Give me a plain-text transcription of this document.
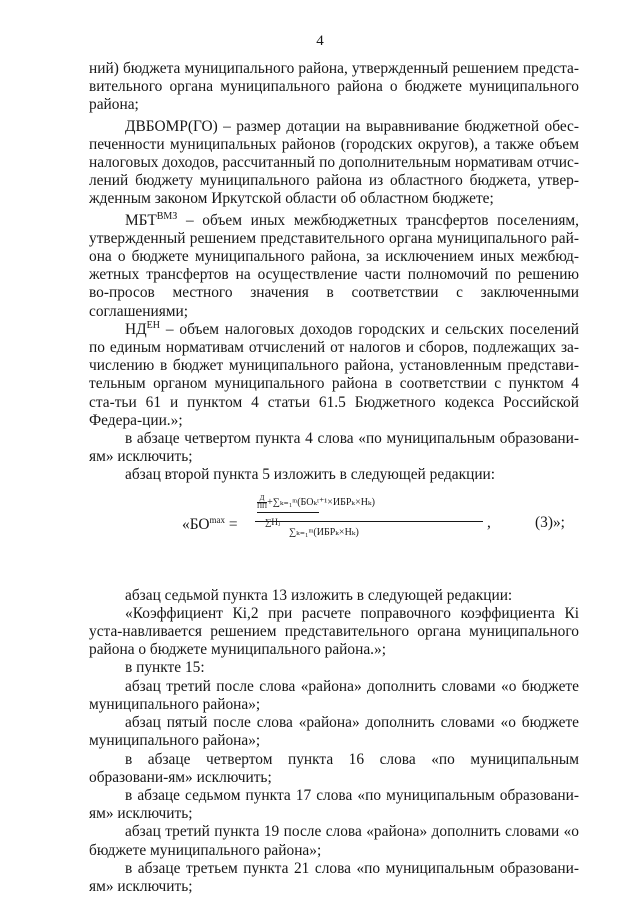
4

ний) бюджета муниципального района, утвержденный решением предста-вительного органа муниципального района о бюджете муниципального района;

ДВБОМР(ГО) – размер дотации на выравнивание бюджетной обес-печенности муниципальных районов (городских округов), а также объем налоговых доходов, рассчитанный по дополнительным нормативам отчис-лений бюджету муниципального района из областного бюджета, утвер-жденным законом Иркутской области об областном бюджете;

$МБТ^{ВМЗ}$ – объем иных межбюджетных трансфертов поселениям, утвержденный решением представительного органа муниципального рай-она о бюджете муниципального района, за исключением иных межбюд-жетных трансфертов на осуществление части полномочий по решению во-просов местного значения в соответствии с заключенными соглашениями;

$НД^{ЕН}$ – объем налоговых доходов городских и сельских поселений по единым нормативам отчислений от налогов и сборов, подлежащих за-числению в бюджет муниципального района, установленным представи-тельным органом муниципального района в соответствии с пунктом 4 ста-тьи 61 и пунктом 4 статьи 61.5 Бюджетного кодекса Российской Федера-ции.»;

в абзаце четвертом пункта 4 слова «по муниципальным образовани-ям» исключить;

абзац второй пункта 5 изложить в следующей редакции:

«$БО^{max}$ =
$\frac{Д}{ПП}+\sum_{k=1}ᵐ(БО_kᵗ^{+1}\times ИБР_k\times Н_k)$
∑Hⱼ
∑ₖ₌₁ᵐ(ИБРₖ×Нₖ)
,	(3)»;

абзац седьмой пункта 13 изложить в следующей редакции:

«Коэффициент Кi,2 при расчете поправочного коэффициента Кi уста-навливается решением представительного органа муниципального района о бюджете муниципального района.»;

в пункте 15:

абзац третий после слова «района» дополнить словами «о бюджете муниципального района»;

абзац пятый после слова «района» дополнить словами «о бюджете муниципального района»;

в абзаце четвертом пункта 16 слова «по муниципальным образовани-ям» исключить;

в абзаце седьмом пункта 17 слова «по муниципальным образовани-ям» исключить;

абзац третий пункта 19 после слова «района» дополнить словами «о бюджете муниципального района»;

в абзаце третьем пункта 21 слова «по муниципальным образовани-ям» исключить;
